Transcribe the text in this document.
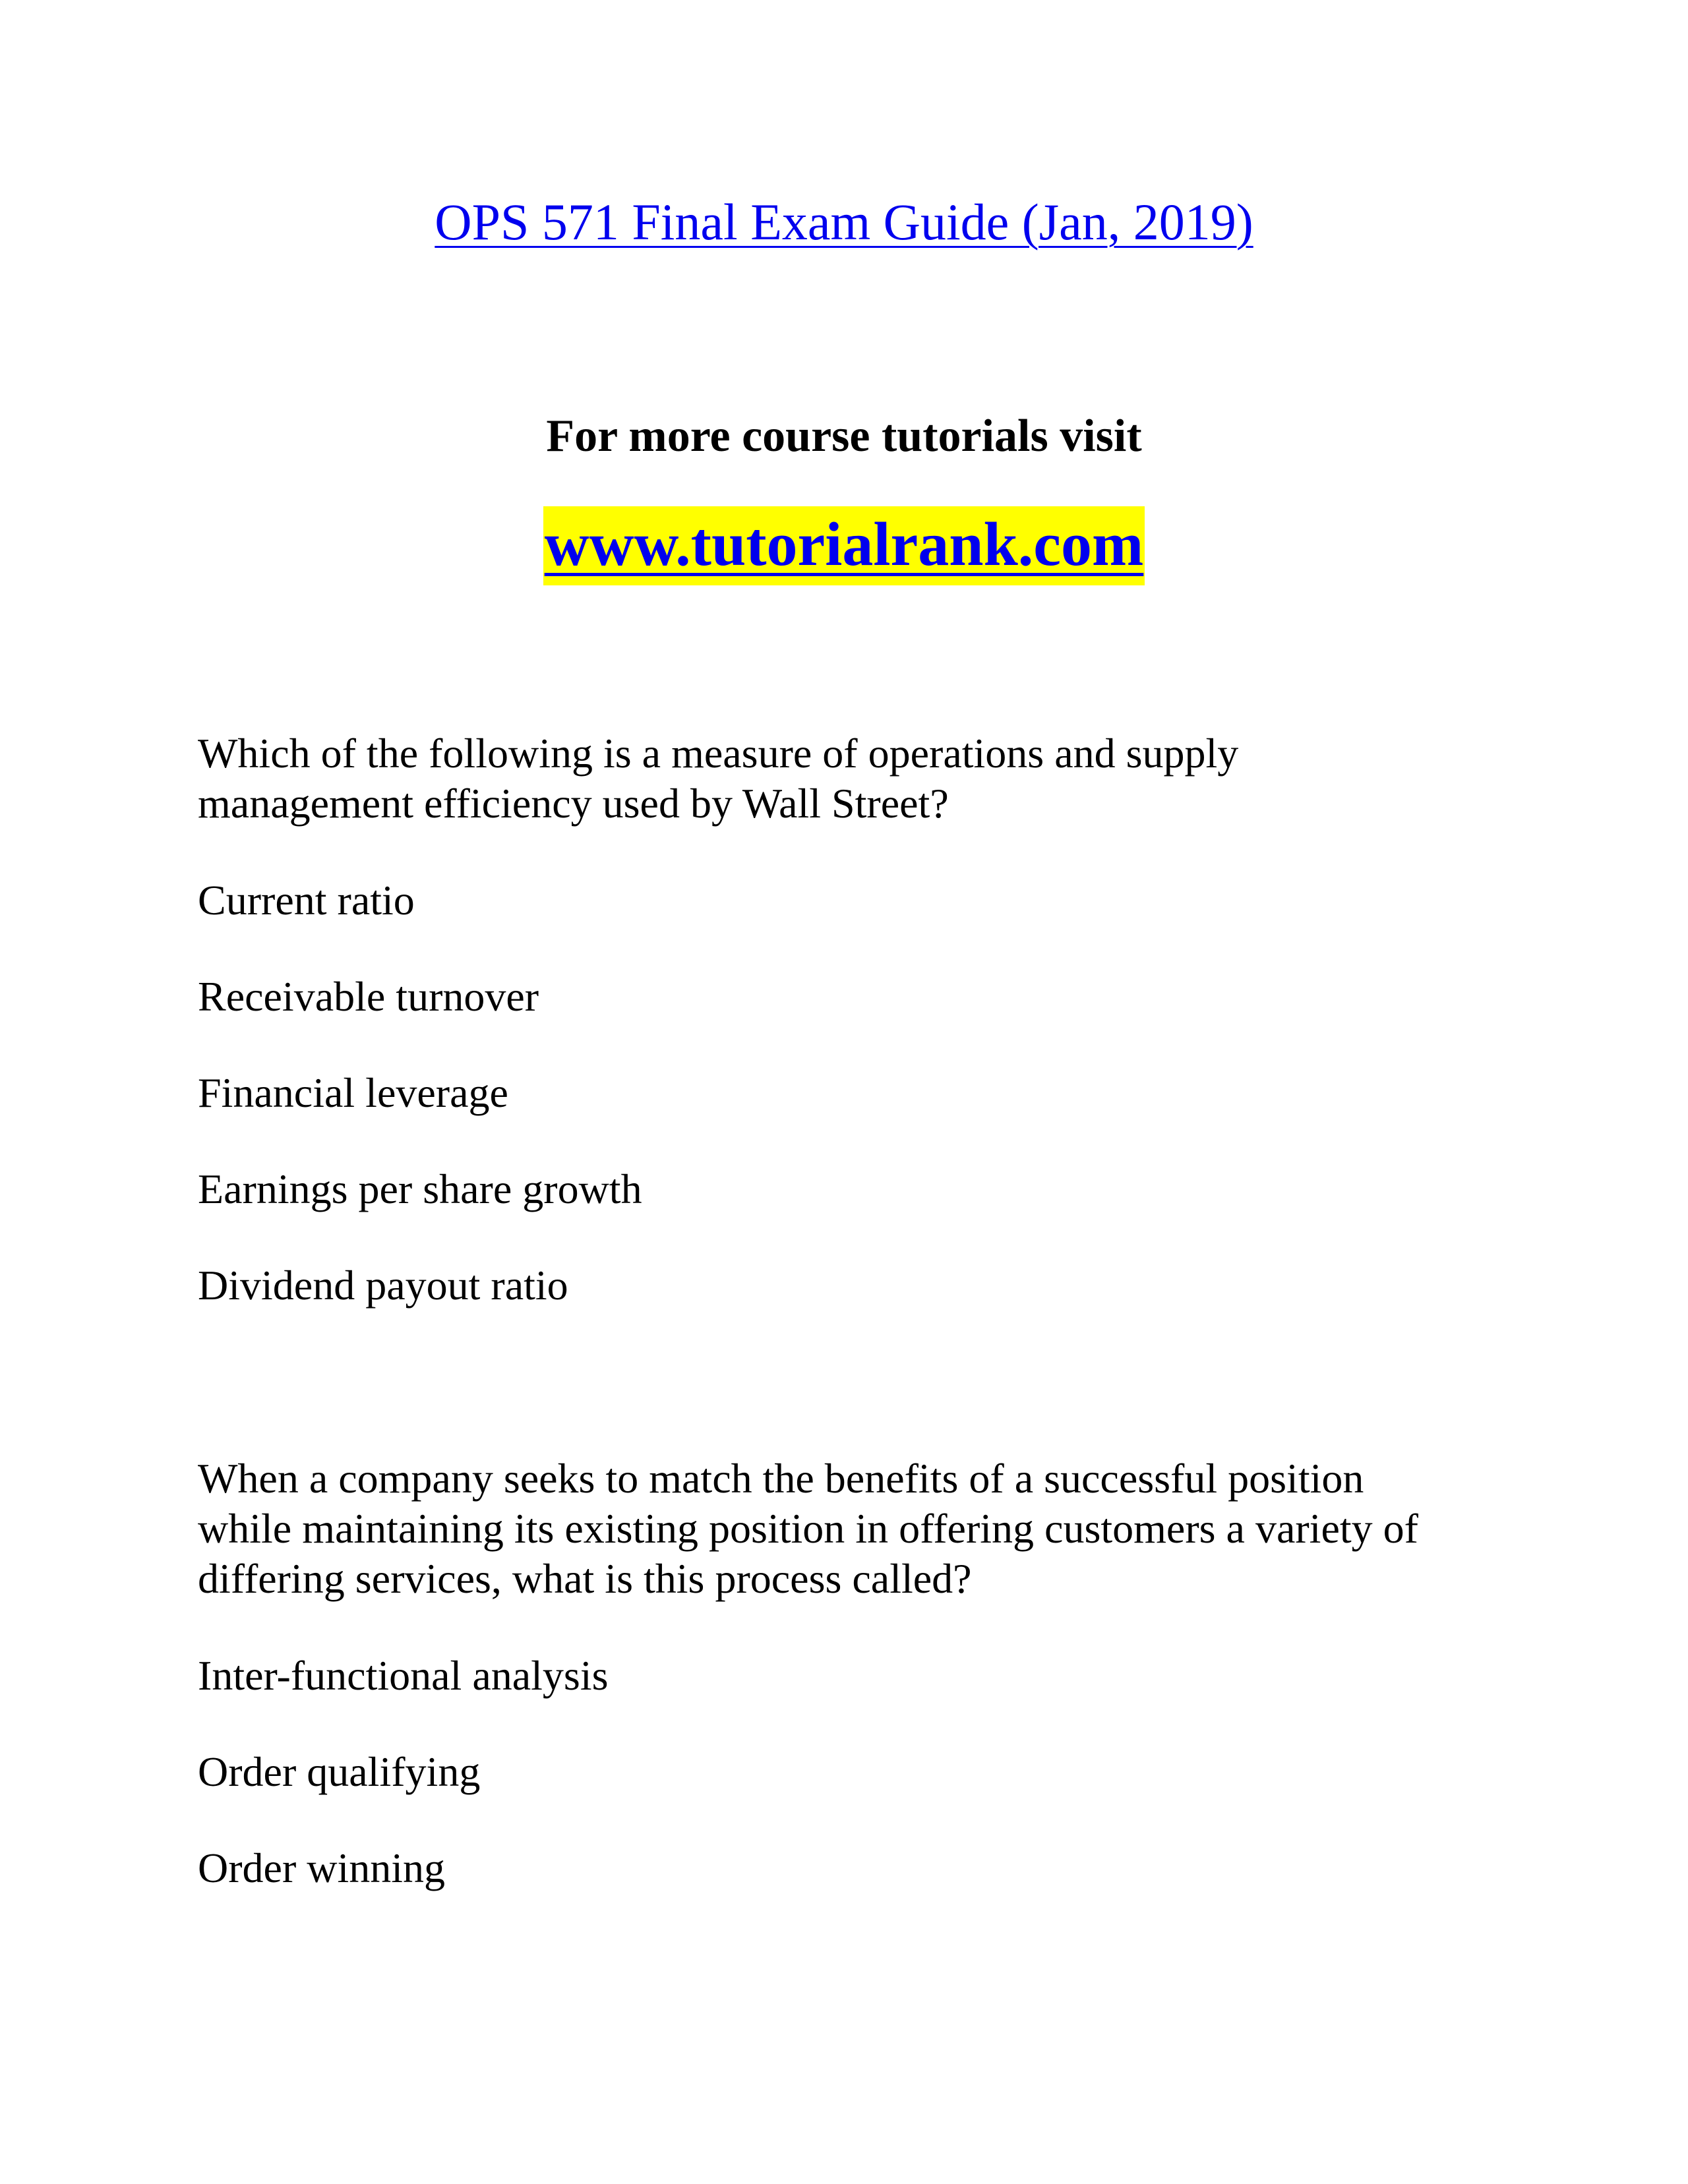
OPS 571 Final Exam Guide (Jan, 2019)
For more course tutorials visit
www.tutorialrank.com
Which of the following is a measure of operations and supply
management efficiency used by Wall Street?
Current ratio
Receivable turnover
Financial leverage
Earnings per share growth
Dividend payout ratio
When a company seeks to match the benefits of a successful position
while maintaining its existing position in offering customers a variety of
differing services, what is this process called?
Inter-functional analysis
Order qualifying
Order winning
